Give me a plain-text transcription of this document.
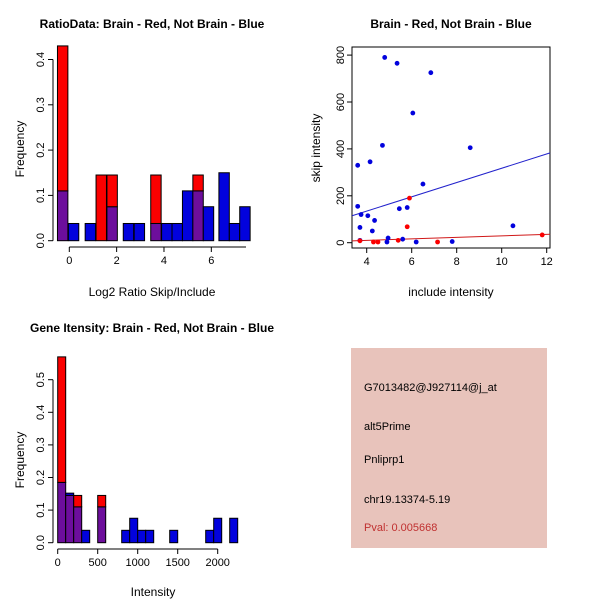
0.0
0.1
0.2
0.3
0.4
0	2	4	6	4	6	8	10	12
0
200
400
600
800
0.0
0.1
0.2
0.3
0.4
0.5
0	500 1000 1500 2000
RatioData: Brain - Red, Not Brain - Blue	Brain - Red, Not Brain - Blue
Gene Itensity: Brain - Red, Not Brain - Blue
Log2 Ratio Skip/Include	include intensity
Intensity
Frequency	skip intensity
Frequency
G7013482@J927114@j_at
alt5Prime
Pnliprp1
chr19.13374-5.19
Pval: 0.005668
